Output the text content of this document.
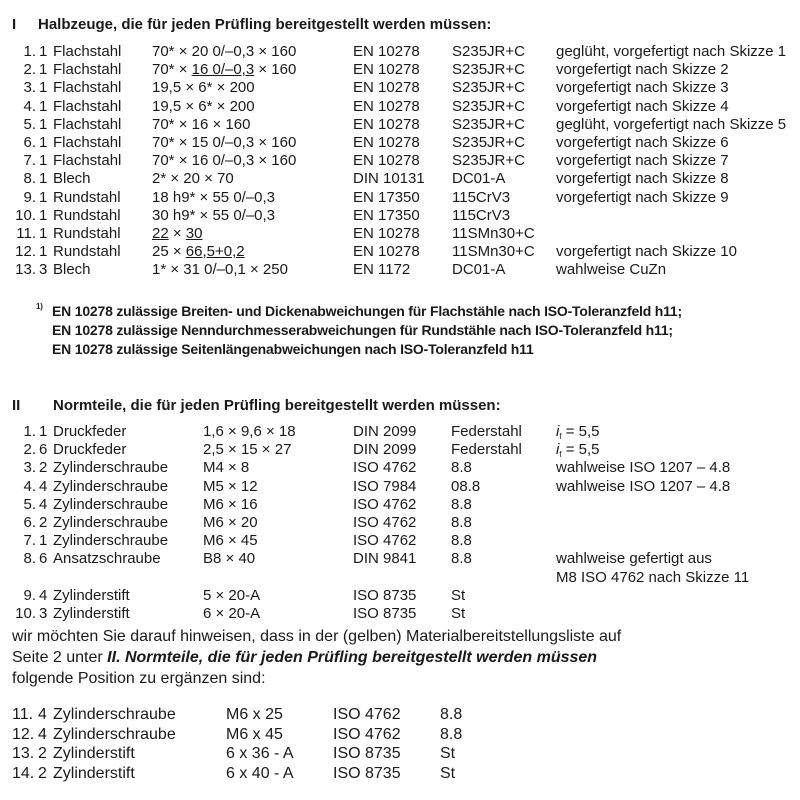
I Halbzeuge, die für jeden Prüfling bereitgestellt werden müssen:
1. 1 Flachstahl 70* × 20 0/–0,3 × 160	EN 10278 S235JR+C geglüht, vorgefertigt nach Skizze 1
2. 1 Flachstahl 70* × 16 0/–0,3 × 160	EN 10278 S235JR+C vorgefertigt nach Skizze 2
3. 1 Flachstahl 19,5 × 6* × 200	EN 10278 S235JR+C vorgefertigt nach Skizze 3
4. 1 Flachstahl 19,5 × 6* × 200	EN 10278 S235JR+C vorgefertigt nach Skizze 4
5. 1 Flachstahl 70* × 16 × 160	EN 10278 S235JR+C geglüht, vorgefertigt nach Skizze 5
6. 1 Flachstahl 70* × 15 0/–0,3 × 160	EN 10278 S235JR+C vorgefertigt nach Skizze 6
7. 1 Flachstahl 70* × 16 0/–0,3 × 160	EN 10278 S235JR+C vorgefertigt nach Skizze 7
8. 1 Blech	2* × 20 × 70	DIN 10131 DC01-A	vorgefertigt nach Skizze 8
9. 1 Rundstahl 18 h9* × 55 0/–0,3	EN 17350 115CrV3	vorgefertigt nach Skizze 9
10. 1 Rundstahl 30 h9* × 55 0/–0,3	EN 17350 115CrV3
11. 1 Rundstahl 22 × 30	EN 10278 11SMn30+C
12. 1 Rundstahl 25 × 66,5+0,2	EN 10278 11SMn30+C vorgefertigt nach Skizze 10
13. 3 Blech	1* × 31 0/–0,1 × 250	EN 1172	DC01-A	wahlweise CuZn
1) EN 10278 zulässige Breiten- und Dickenabweichungen für Flachstähle nach ISO-Toleranzfeld h11;
EN 10278 zulässige Nenndurchmesserabweichungen für Rundstähle nach ISO-Toleranzfeld h11;
EN 10278 zulässige Seitenlängenabweichungen nach ISO-Toleranzfeld h11
II Normteile, die für jeden Prüfling bereitgestellt werden müssen:
1. 1 Druckfeder	1,6 × 9,6 × 18	DIN 2099 Federstahl $i_f = 5,5$
2. 6 Druckfeder	2,5 × 15 × 27	DIN 2099 Federstahl $i_f = 5,5$
3. 2 Zylinderschraube M4 × 8	ISO 4762 8.8	wahlweise ISO 1207 – 4.8
4. 4 Zylinderschraube M5 × 12	ISO 7984 08.8	wahlweise ISO 1207 – 4.8
5. 4 Zylinderschraube M6 × 16	ISO 4762 8.8
6. 2 Zylinderschraube M6 × 20	ISO 4762 8.8
7. 1 Zylinderschraube M6 × 45	ISO 4762 8.8
8. 6 Ansatzschraube	B8 × 40	DIN 9841 8.8	wahlweise gefertigt aus
M8 ISO 4762 nach Skizze 11
9. 4 Zylinderstift	5 × 20-A	ISO 8735 St
10. 3 Zylinderstift	6 × 20-A	ISO 8735 St
wir möchten Sie darauf hinweisen, dass in der (gelben) Materialbereitstellungsliste auf
Seite 2 unter II. Normteile, die für jeden Prüfling bereitgestellt werden müssen
folgende Position zu ergänzen sind:
11. 4 Zylinderschraube	M6 x 25	ISO 4762 8.8
12. 4 Zylinderschraube	M6 x 45	ISO 4762 8.8
13. 2 Zylinderstift	6 x 36 - A ISO 8735 St
14. 2 Zylinderstift	6 x 40 - A ISO 8735 St
